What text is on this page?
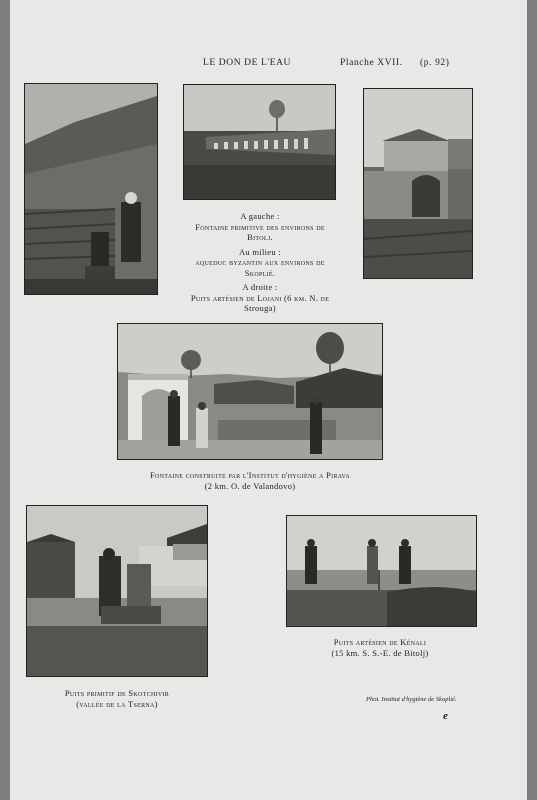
LE DON DE L'EAU	Planche XVII. (p. 92)
A gauche :
Fontaine primitive des environs de
Bitolj.
Au milieu :
aqueduc byzantin aux environs de
Skoplié.
A droite :
Puits artésien de Lojani (6 km. N. de
Strouga)
Fontaine construite par l'Institut d'hygiène a Pirava
(2 km. O. de Valandovo)
Puits artésien de Kénali
(15 km. S. S.-E. de Bitolj)
Puits primitif de Skotchivir
(vallée de la Tserna)	Phot. Institut d'hygiène de Skoplié.
e
